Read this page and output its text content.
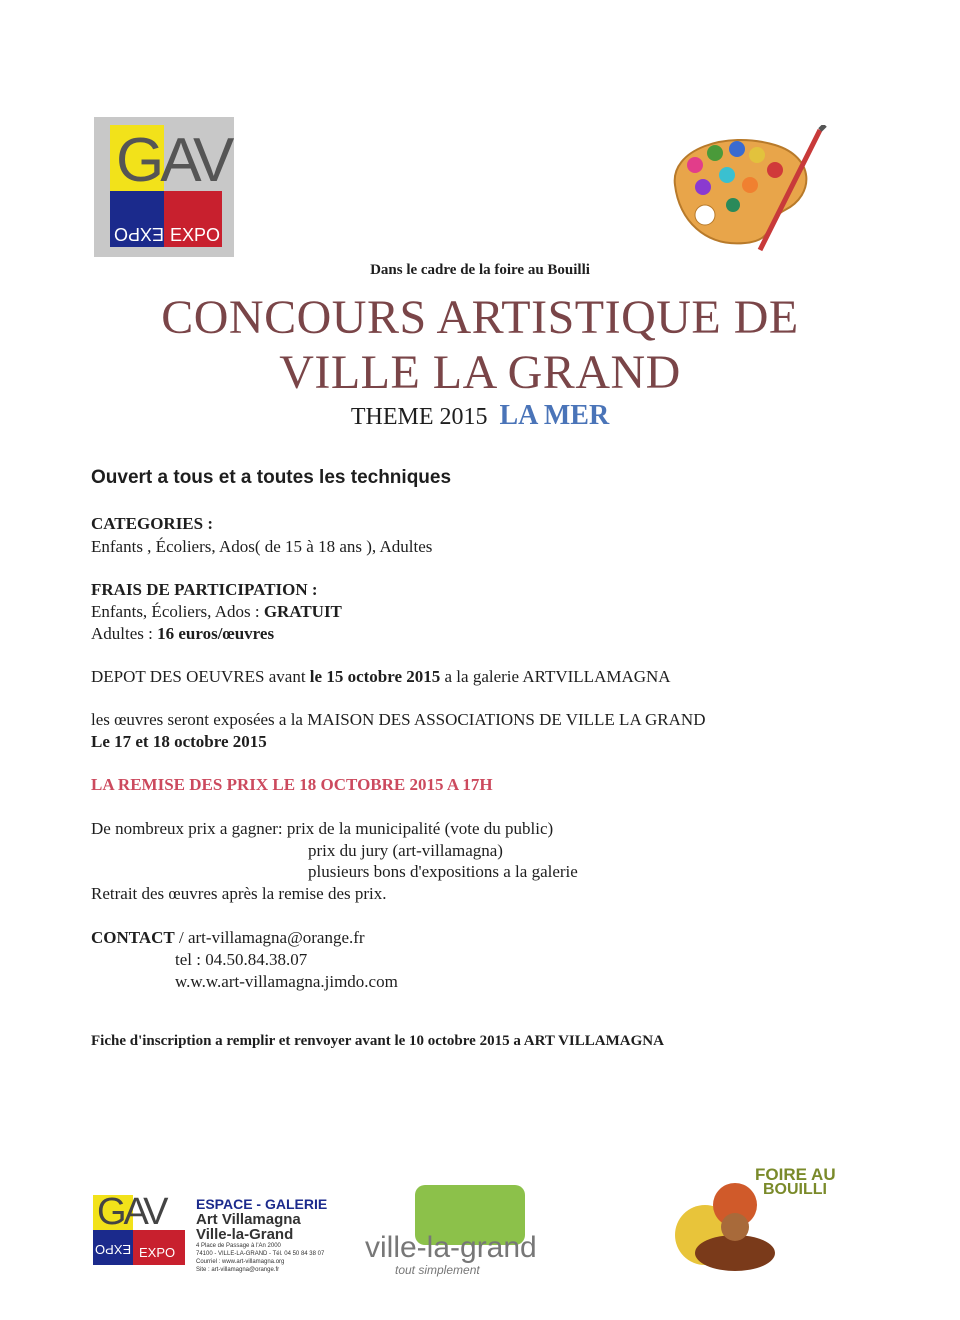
GAV
EXPO EXPO
Dans le cadre de la foire au Bouilli
CONCOURS ARTISTIQUE DE
VILLE LA GRAND
THEME 2015 LA MER
Ouvert a tous et a toutes les techniques
CATEGORIES :
Enfants , Écoliers, Ados( de 15 à 18 ans ), Adultes
FRAIS DE PARTICIPATION :
Enfants, Écoliers, Ados : GRATUIT
Adultes : 16 euros/œuvres
DEPOT DES OEUVRES avant le 15 octobre 2015 a la galerie ARTVILLAMAGNA
les œuvres seront exposées a la MAISON DES ASSOCIATIONS DE VILLE LA GRAND
Le 17 et 18 octobre 2015
LA REMISE DES PRIX LE 18 OCTOBRE 2015 A 17H
De nombreux prix a gagner: prix de la municipalité (vote du public)
prix du jury (art-villamagna)
plusieurs bons d'expositions a la galerie
Retrait des œuvres après la remise des prix.
CONTACT / art-villamagna@orange.fr
tel : 04.50.84.38.07
w.w.w.art-villamagna.jimdo.com
Fiche d'inscription a remplir et renvoyer avant le 10 octobre 2015 a ART VILLAMAGNA
GAV
EXPO EXPO
ESPACE - GALERIE
Art Villamagna
Ville-la-Grand
4 Place de Passage à l'An 2000
74100 - VILLE-LA-GRAND - Tél. 04 50 84 38 07
Courriel : www.art-villamagna.org
Site : art-villamagna@orange.fr
ville-la-grand
tout simplement
FOIRE AU
BOUILLI
